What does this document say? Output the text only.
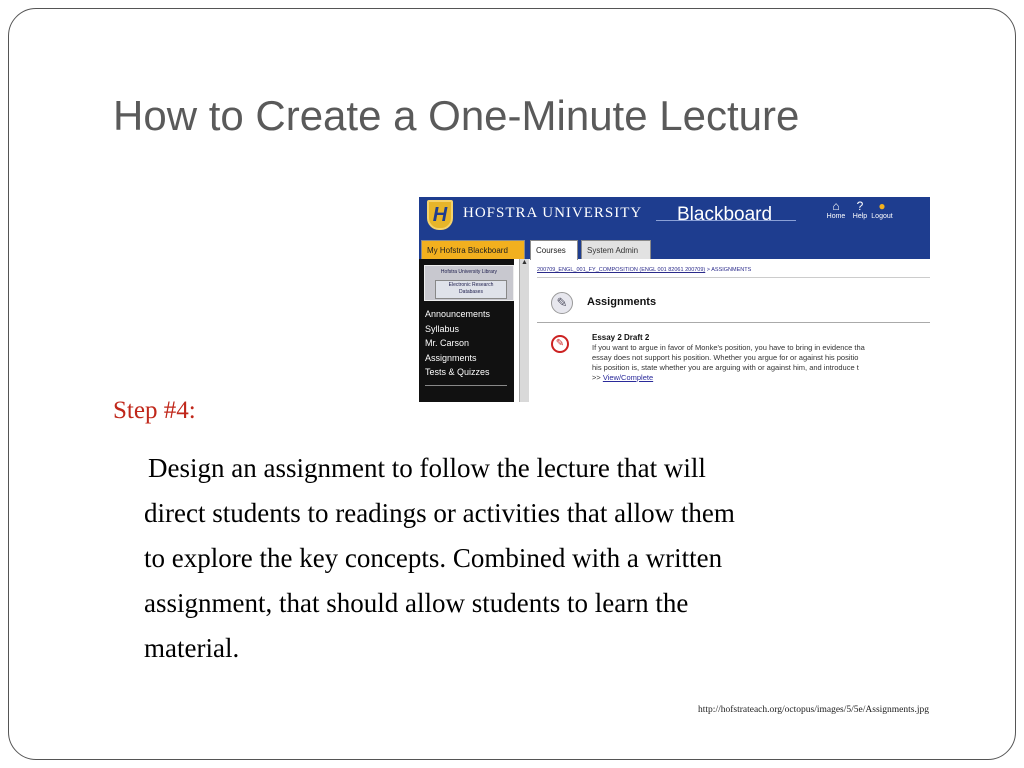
How to Create a One-Minute Lecture
H	HOFSTRA UNIVERSITY Blackboard	⌂
Home
?
Help
●
Logout
My Hofstra Blackboard	Courses	System Admin
Hofstra University Library
Electronic Research
Databases
Announcements
Syllabus
Mr. Carson
Assignments
Tests & Quizzes
▲
200709_ENGL_001_FY_COMPOSITION (ENGL 001 82061 200709) > ASSIGNMENTS
✎	Assignments
✎
Essay 2 Draft 2
If you want to argue in favor of Monke's position, you have to bring in evidence tha
essay does not support his position. Whether you argue for or against his positio
his position is, state whether you are arguing with or against him, and introduce t
>> View/Complete
Step #4:

Design an assignment to follow the lecture that will
direct students to readings or activities that allow them
to explore the key concepts. Combined with a written
assignment, that should allow students to learn the
material.

http://hofstrateach.org/octopus/images/5/5e/Assignments.jpg
